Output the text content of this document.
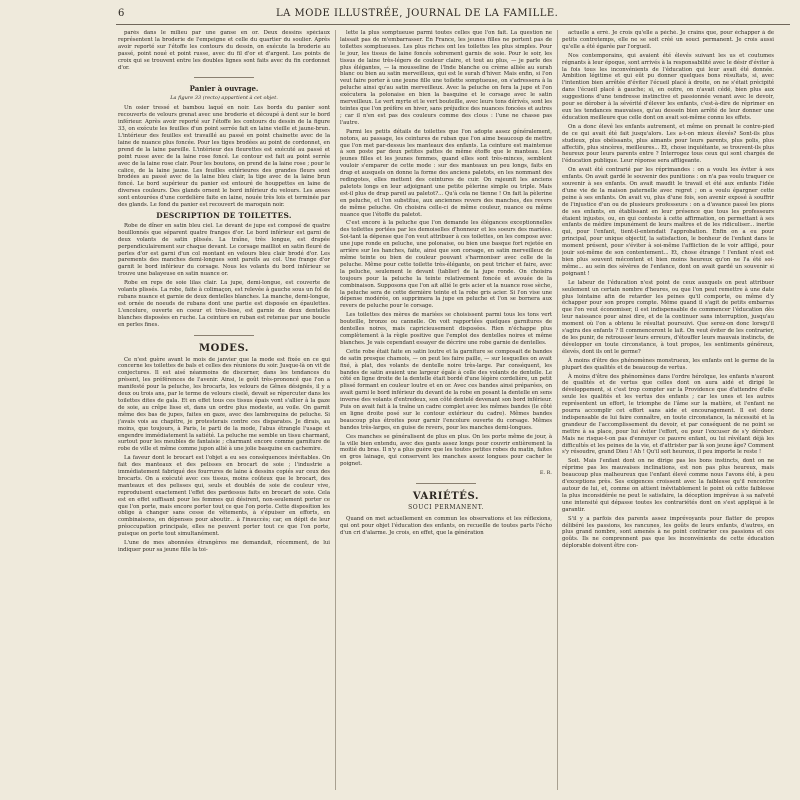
6	LA MODE ILLUSTRÉE, JOURNAL DE LA FAMILLE.

parés dans le milieu par une ganse en or. Deux dessins spéciaux représentent la broderie de l'empeigne et celle du quartier du soulier. Après avoir reporté sur l'étoffe les contours du dessin, on exécute la broderie au passé, point noué et point russe, avec du fil d'or et d'argent. Les points de croix qui se trouvent entre les doubles lignes sont faits avec du fin cordonnet d'or.

Panier à ouvrage.

La figure 33 (recto) appartient à cet objet.

Un osier tressé et bambou laqué en noir. Les bords du panier sont recouverts de velours grenat avec une broderie et découpé à dent sur le bord inférieur. Après avoir reporté sur l'étoffe les contours du dessin de la figure 33, on exécute les feuilles d'un point serrée fait en laine vieille et jaune-brun. L'intérieur des feuilles est travaillé au passé en point chainette avec de la laine de nuance plus foncée. Pour les tiges brodées au point de cordonnet, en prend de la laine pareille. L'intérieur des fleurettes est exécuté au passé et point russe avec de la laine rose foncé. Le contour est fait au point serrée avec de la laine rose clair. Pour les boutons, on prend de la laine rose ; pour le calice, de la laine jaune. Les feuilles extérieures des grandes fleurs sont brodées au passé avec de la laine bleu clair, la tige avec de la laine brun foncé. Le bord supérieur du panier est entouré de houppettes en laine de diverses couleurs. Des glands ornent le bord inférieur du velours. Les anses sont entourées d'une cordelière faite en laine, nouée très lois et terminée par des glands. Le fond du panier est recouvert de maroquin noir.

DESCRIPTION DE TOILETTES.

Robe de dîner en satin bleu ciel. Le devant de jupe est composé de quatre bouillonnés que séparent quatre franges d'or. Le bord inférieur est garni de deux volants de satin plissés. La traîne, très longue, est drapée perpendiculairement sur chaque devant. Le corsage mailliot en satin fleuré de perles d'or est garni d'un col montant en velours bleu clair brodé d'or. Les parements des manches demi-longues sont pareils au col. Une frange d'or garnit le bord inférieur du corsage. Nous les volants du bord inférieur se trouve une balayeuse en satin nuance or.

Robe en reps de soie lilas clair. La jupe, demi-longue, est couverte de volants plissés. La robe, faite à colimaçon, est relevée à gauche sous un fol de rubans nuance et garnie de deux dentelles blanches. La manche, demi-longue, est ornée de noeuds de rubans dont une partie est disposée en épaulettes. L'encolure, ouverte en coeur et très-lisse, est garnie de deux dentelles blanches disposées en ruche. La ceinture en ruban est retenue par une boucle en perles fines.

MODES.

Ce n'est guère avant le mois de janvier que la mode est fixée en ce qui concerne les toilettes de bals et celles des réunions du soir. Jusque-là on vit de conjectures. Il est aisé néanmoins de discerner, dans les tendances du présent, les préférences de l'avenir. Ainsi, le goût très-prononcé que l'on a manifesté pour la peluche, les brocarts, les velours de Gênes désignés, il y a deux ou trois ans, par le terme de velours ciselé, devait se répercuter dans les toilettes dites de gala. Et en effet tous ces tissus épais vont s'allier à la gaze de soie, au crêpe lisse et, dans un ordre plus modeste, au voile. On garnit même des bas de jupes, faites en gaze, avec des lambrequins de peluche. Si j'avais vois au chapitre, je protesterais contre ces disparates. Je dirais, au moins, que toujours, à Paris, le parti de la mode, l'abus étrangle l'usage et engendre immédiatement la satiété. La peluche me semble un tissu charmant, surtout pour les meubles de fantaisie ; charmant encore comme garniture de robe de ville et même comme jupon allié à une jolie basquine en cachemire.

La faveur dont le brocart est l'objet a eu ses conséquences inévitables. On fait des manteaux et des pelisses en brocart de soie ; l'industrie a immédiatement fabriqué des fourrures de laine à dessins copiés sur ceux des brocarts. On a exécuté avec ces tissus, moins coûteux que le brocart, des manteaux et des pelisses qui, seuls et doublés de soie de couleur vive, reproduisent exactement l'effet des pardessus faits en brocart de soie. Cela est en effet suffisant pour les femmes qui désirent, non-seulement porter ce que l'on porte, mais encore porter tout ce que l'on porte. Cette disposition les oblige à changer sans cesse de vêtements, à s'épuiser en efforts, en combinaisons, en dépenses pour aboutir... à l'insuccès; car, en dépit de leur préoccupation principale, elles ne peuvent porter tout ce que l'on porte, puisque on porte tout simultanément.

L'une de mes abonnées étrangères me demandait, récemment, de lui indiquer pour sa jeune fille la toi-

lette la plus somptueuse parmi toutes celles que l'on fait. La question ne laissait pas de m'embarrasser. En France, les jeunes filles ne portent pas de toilettes somptueuses. Les plus riches ont les toilettes les plus simples. Pour le jour, les tissus de laine foncés sobrement garnis de soie. Pour le soir, les tissus de laine très-légers de couleur claire, et tout au plus, — je parle des plus élégantes, — la mousseline de l'Inde blanche ou crème alliée au surah blanc ou bien au satin merveilleux, qui est le surah d'hiver. Mais enfin, si l'on veut faire porter à une jeune fille une toilette somptueuse, on s'adressera à la peluche ainsi qu'au satin merveilleux. Avec la peluche on fera la jupe et l'on exécutera la polonaise en bien la basquine et le corsage avec le satin merveilleux. Le vert myrte et le vert bouteille, avec leurs tons dérivés, sont les teintes que l'on préfère en hiver, sans préjudice des nuances foncées et autres ; car il n'en est pas des couleurs comme des clous : l'une ne chasse pas l'autre.

Parmi les petits détails de toilettes que l'on adopte assez généralement, notons, au passage, les ceintures de ruban que l'on aime beaucoup de mettre que l'on met par-dessus les manteaux des enfants. La ceinture est maintenue à son poste par deux petites pattes de même étoffe que le manteau. Les jeunes filles et les jeunes femmes, quand elles sont très-minces, semblent vouloir s'emparer de cette mode : sur des manteaux un peu longs, faits en drap et ausquels on donne la forme des anciens paletots, en les nommant des redingotes, elles mettent des ceintures de cuir. On rajeunit les anciens paletots longs en leur adjoignant une petite pèlerine simple ou triple. Mais est-il plus de drap pareil au paletot?... Qu'à cela ne tienne ! On fait la pèlerine en peluche, et l'on substitue, aux anciennes revers des manches, des revers de même peluche. On choisira celle-ci de même couleur, nuance ou même nuance que l'étoffe du paletot.

C'est encore à la peluche que l'on demande les élégances exceptionnelles des toilettes portées par les demoiselles d'honneur et les soeurs des mariées. Soi-tant la dépense que l'on veut attribuer à ces toilettes, on les compose avec une jupe ronde en peluche, une polonaise, ou bien une basque fort rejetée en arrière sur les hanches, faite, ainsi que son corsage, en satin merveilleux de même teinte ou bien de couleur pouvant s'harmoniser avec celle de la peluche. Même pour cette toilette très-élégante, on peut tricher et faire, avec la peluche, seulement le devant (tablier) de la jupe ronde. On choisira toujours pour la peluche la teinte relativement foncée et avouée de la combinaison. Supposons que l'on ait allié le gris acier et la nuance rose sèche, la peluche sera de cette dernière teinte et la robe gris acier. Si l'on vise une dépense modérée, on supprimera la jupe en peluche et l'on se bornera aux revers de peluche pour le corsage.

Les toilettes des mères de mariées se choisissent parmi tous les tons vert bouteille, bronze ou cannelle. On voit rapportées quelques garnitures de dentelles noires, mais capricieusement disposées. Rien n'échappe plus complètement à la règle positive que l'emploi des dentelles noires et même blanches. Je vais cependant essayer de décrire une robe garnie de dentelles.

Cette robe était faite en satin loutre et la garniture se composait de bandes de satin presque chamois, — on peut les faire paille, — sur lesquelles on avait fixé, à plat, des volants de dentelle noire très-large. Par conséquent, les bandes de satin avaient une largeur égale à celle des volants de dentelle. Le côté en ligne droite de la dentelle était bordé d'une légère cordelière, un petit plissé formant en couleur loutre et en or. Avec ces bandes ainsi préparées, on avait garni le bord inférieur du devant de la robe en posant la dentelle en sens inverse des volants d'entredeux, son côté dentelé devenant son bord inférieur. Puis on avait fait à la traîne un cadre complet avec les mêmes bandes (le côté en ligne droite posé sur le contour extérieur du cadre). Mêmes bandes beaucoup plus étroites pour garnir l'encolure ouverte du corsage. Mêmes bandes très-larges, en guise de revers, pour les manches demi-longues.

Ces manches se généralisent de plus en plus. On les porte même de jour, à la ville bien entendu, avec des gants assez longs pour couvrir entièrement la moitié du bras. Il n'y a plus guère que les toutes petites robes du matin, faites en gros lainage, qui conservent les manches assez longues pour cacher le poignet.

E. R.

VARIÉTÉS.

SOUCI PERMANENT.

Quand on met actuellement en commun les observations et les réflexions, qui ont pour objet l'éducation des enfants, on recueille de toutes parts l'écho d'un cri d'alarme. Je crois, en effet, que la génération

actuelle a erré. Je crois qu'elle a péché. Je crains que, pour échapper à de petits contretemps, elle ne se soit créé un souci permanent. Je crois aussi qu'elle a été égarée par l'orgueil.

Nos contemporains, qui avaient été élevés suivant les us et coutumes régnants à leur époque, sont arrivés à la responsabilité avec le désir d'éviter à la fois tous les inconvénients de l'éducation qui leur avait été donnée. Ambition légitime et qui eût pu donner quelques bons résultats, si, avec l'intention bien arrêtée d'éviter l'écueil placé à droite, on ne s'était précipité dans l'écueil placé à gauche; si, en outre, on n'avait cédé, bien plus aux suggestions d'une tendresse instinctive et passionnée venant avec le devoir, pour se dérober à la sévérité d'élever les enfants, c'est-à-dire de réprimer en eux les tendances mauvaises, qu'au dessein bien arrêté de leur donner une éducation meilleure que celle dont on avait soi-même connu les effets.

On a donc élevé les enfants autrement, et même on prenait le contre-pied de ce qui avait été fait jusqu'alors. Les a-t-on mieux élevés? Sont-ils plus studieux, plus obéissants, plus aimants pour leurs parents, plus polis, plus affectifs, plus sincères, meilleures... Et, chose inquiétante, se trouvent-ils plus heureux pour leurs parents entre ? Interrogez tous ceux qui sont chargés de l'éducation publique. Leur réponse sera affligeante.

On avait été contrarié par les réprimandes : on a voulu les éviter à ses enfants. On avait gardé le souvenir des punitions : on n'a pas voulu traquer ce souvenir à ses enfants. On avait maudit le travail et été aux enfants l'idée d'une vie de la maison paternelle avec regret ; on a voulu épargner cette peine à ses enfants. On avait vu, plus d'une fois, son avenir exposé à souffrir de l'injustice d'un ou de plusieurs professeurs : on a d'avance passé les pions de ses enfants, en établissant en leur présence que tous les professeurs étaient injustes, ou, en qui conteste à cette affirmation, on permettant à ses enfants de médire impunément de leurs maîtres et de les ridiculiser... inertie qui, pour l'enfant, tient-il-entendait l'approbation. Enfin on a eu pour principal, pour unique objectif, la satisfaction, le bonheur de l'enfant dans le moment présent, pour s'éviter à soi-même l'affliction de le voir affligé, pour jouir soi-même de son contentement... Et, chose étrange ! l'enfant n'est est bien plus souvent mécontent et bien moins heureux qu'on ne l'a été soi-même... au sein des sévères de l'enfance, dont on avait gardé un souvenir si poignant !

Le labeur de l'éducation n'est point de ceux auxquels on peut attribuer seulement un certain nombre d'heures, ou que l'on peut remettre à une date plus lointaine afin de retarder les peines qu'il comporte, ou même d'y échapper pour son propre compte. Même quand il s'agit de petits embarras que l'on veut économiser, il est indispensable de commencer l'éducation dès leur naissance pour ainsi dire, et de la continuer sans interruption, jusqu'au moment où l'on a obtenu le résultat poursuivi. Que serez-on donc lorsqu'il s'agira des enfants ? Il commenceront le lait. On veut éviter de les contrarier, de les punir, de retrousser leurs erreurs, d'étouffer leurs mauvais instincts, de développer en toute circonstance, à tout propos, les sentiments généreux, élevés, dont ils ont le germe?

À moins d'être des phénomènes monstrueux, les enfants ont le germe de la plupart des qualités et de beaucoup de vertus.

À moins d'être des phénomènes dans l'ordre héroïque, les enfants n'auront de qualités et de vertus que celles dont on aura aidé et dirigé le développement, si c'est trop compter sur la Providence que d'attendre d'elle seule les qualités et les vertus des enfants ; car les unes et les autres représentent un effort, le triomphe de l'âme sur la matière, et l'enfant ne pourra accomplir cet effort sans aide et encouragement. Il est donc indispensable de lui faire connaître, en toute circonstance, la nécessité et la grandeur de l'accomplissement du devoir, et par conséquent de ne point se mettre à sa place, pour lui éviter l'effort, ou pour l'excuser de s'y dérober. Mais ne risque-t-on pas d'ennuyer ce pauvre enfant, ou lui révélant déjà les difficultés et les peines de la vie, et d'attrister par là son jeune âge? Comment s'y résoudre, grand Dieu ! Ah ! Qu'il soit heureux, il peu importe le reste !

Soit. Mais l'enfant dont on ne dirige pas les bons instincts, dont on ne réprime pas les mauvaises inclinations, est non pas plus heureux, mais beaucoup plus malheureux que l'enfant élevé comme nous l'avons été, à peu d'exceptions près. Ses exigences croissent avec la faiblesse qu'il rencontre autour de lui, et, comme on attient inévitablement le point où cette faiblesse la plus inconsidérée ne peut le satisfaire, la déception imprévue à sa naïveté une intensité qui dépasse toutes les contrariétés dont on s'est appliqué à le garantir.

S'il y a parfois des parents assez imprévoyants pour flatter de propos délibéré les passions, les rancunes, les goûts de leurs enfants, d'autres, en plus grand nombre, sont amenés à ne point contrarier ces passions et ces goûts. Ils ne comprennent pas que les inconvénients de cette éducation déplorable doivent être con-
